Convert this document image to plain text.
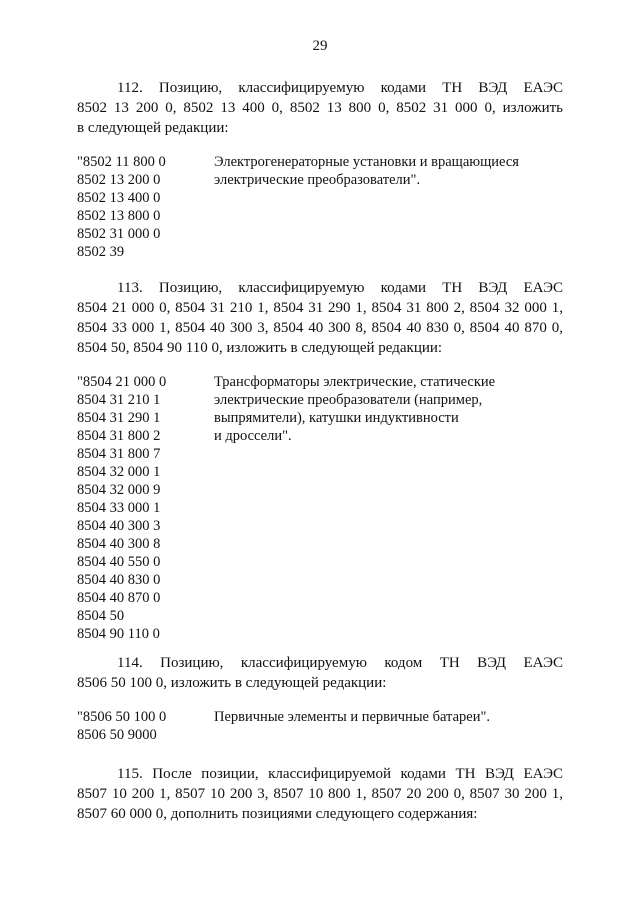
29
112. Позицию, классифицируемую кодами ТН ВЭД ЕАЭС
8502 13 200 0, 8502 13 400 0, 8502 13 800 0, 8502 31 000 0, изложить
в следующей редакции:
"8502 11 800 0
8502 13 200 0
8502 13 400 0
8502 13 800 0
8502 31 000 0
8502 39
Электрогенераторные установки и вращающиеся
электрические преобразователи".
113. Позицию, классифицируемую кодами ТН ВЭД ЕАЭС
8504 21 000 0, 8504 31 210 1, 8504 31 290 1, 8504 31 800 2, 8504 32 000 1,
8504 33 000 1, 8504 40 300 3, 8504 40 300 8, 8504 40 830 0, 8504 40 870 0,
8504 50, 8504 90 110 0, изложить в следующей редакции:
"8504 21 000 0
8504 31 210 1
8504 31 290 1
8504 31 800 2
8504 31 800 7
8504 32 000 1
8504 32 000 9
8504 33 000 1
8504 40 300 3
8504 40 300 8
8504 40 550 0
8504 40 830 0
8504 40 870 0
8504 50
8504 90 110 0
Трансформаторы электрические, статические
электрические преобразователи (например,
выпрямители), катушки индуктивности
и дроссели".
114. Позицию, классифицируемую кодом ТН ВЭД ЕАЭС
8506 50 100 0, изложить в следующей редакции:
"8506 50 100 0
8506 50 9000
Первичные элементы и первичные батареи".
115. После позиции, классифицируемой кодами ТН ВЭД ЕАЭС
8507 10 200 1, 8507 10 200 3, 8507 10 800 1, 8507 20 200 0, 8507 30 200 1,
8507 60 000 0, дополнить позициями следующего содержания:
